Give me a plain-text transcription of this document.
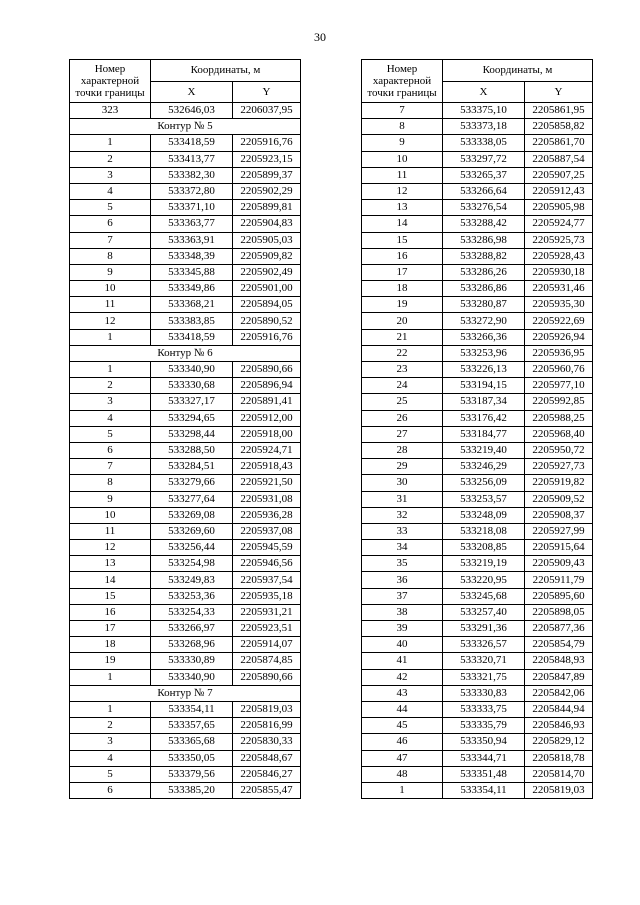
30
Номер характерной точки границы	Координаты, м	
	X	Y
323	532646,03	2206037,95
Контур № 5		
1	533418,59	2205916,76
2	533413,77	2205923,15
3	533382,30	2205899,37
4	533372,80	2205902,29
5	533371,10	2205899,81
6	533363,77	2205904,83
7	533363,91	2205905,03
8	533348,39	2205909,82
9	533345,88	2205902,49
10	533349,86	2205901,00
11	533368,21	2205894,05
12	533383,85	2205890,52
1	533418,59	2205916,76
Контур № 6		
1	533340,90	2205890,66
2	533330,68	2205896,94
3	533327,17	2205891,41
4	533294,65	2205912,00
5	533298,44	2205918,00
6	533288,50	2205924,71
7	533284,51	2205918,43
8	533279,66	2205921,50
9	533277,64	2205931,08
10	533269,08	2205936,28
11	533269,60	2205937,08
12	533256,44	2205945,59
13	533254,98	2205946,56
14	533249,83	2205937,54
15	533253,36	2205935,18
16	533254,33	2205931,21
17	533266,97	2205923,51
18	533268,96	2205914,07
19	533330,89	2205874,85
1	533340,90	2205890,66
Контур № 7		
1	533354,11	2205819,03
2	533357,65	2205816,99
3	533365,68	2205830,33
4	533350,05	2205848,67
5	533379,56	2205846,27
6	533385,20	2205855,47
Номер характерной точки границы	Координаты, м	
	X	Y
7	533375,10	2205861,95
8	533373,18	2205858,82
9	533338,05	2205861,70
10	533297,72	2205887,54
11	533265,37	2205907,25
12	533266,64	2205912,43
13	533276,54	2205905,98
14	533288,42	2205924,77
15	533286,98	2205925,73
16	533288,82	2205928,43
17	533286,26	2205930,18
18	533286,86	2205931,46
19	533280,87	2205935,30
20	533272,90	2205922,69
21	533266,36	2205926,94
22	533253,96	2205936,95
23	533226,13	2205960,76
24	533194,15	2205977,10
25	533187,34	2205992,85
26	533176,42	2205988,25
27	533184,77	2205968,40
28	533219,40	2205950,72
29	533246,29	2205927,73
30	533256,09	2205919,82
31	533253,57	2205909,52
32	533248,09	2205908,37
33	533218,08	2205927,99
34	533208,85	2205915,64
35	533219,19	2205909,43
36	533220,95	2205911,79
37	533245,68	2205895,60
38	533257,40	2205898,05
39	533291,36	2205877,36
40	533326,57	2205854,79
41	533320,71	2205848,93
42	533321,75	2205847,89
43	533330,83	2205842,06
44	533333,75	2205844,94
45	533335,79	2205846,93
46	533350,94	2205829,12
47	533344,71	2205818,78
48	533351,48	2205814,70
1	533354,11	2205819,03
